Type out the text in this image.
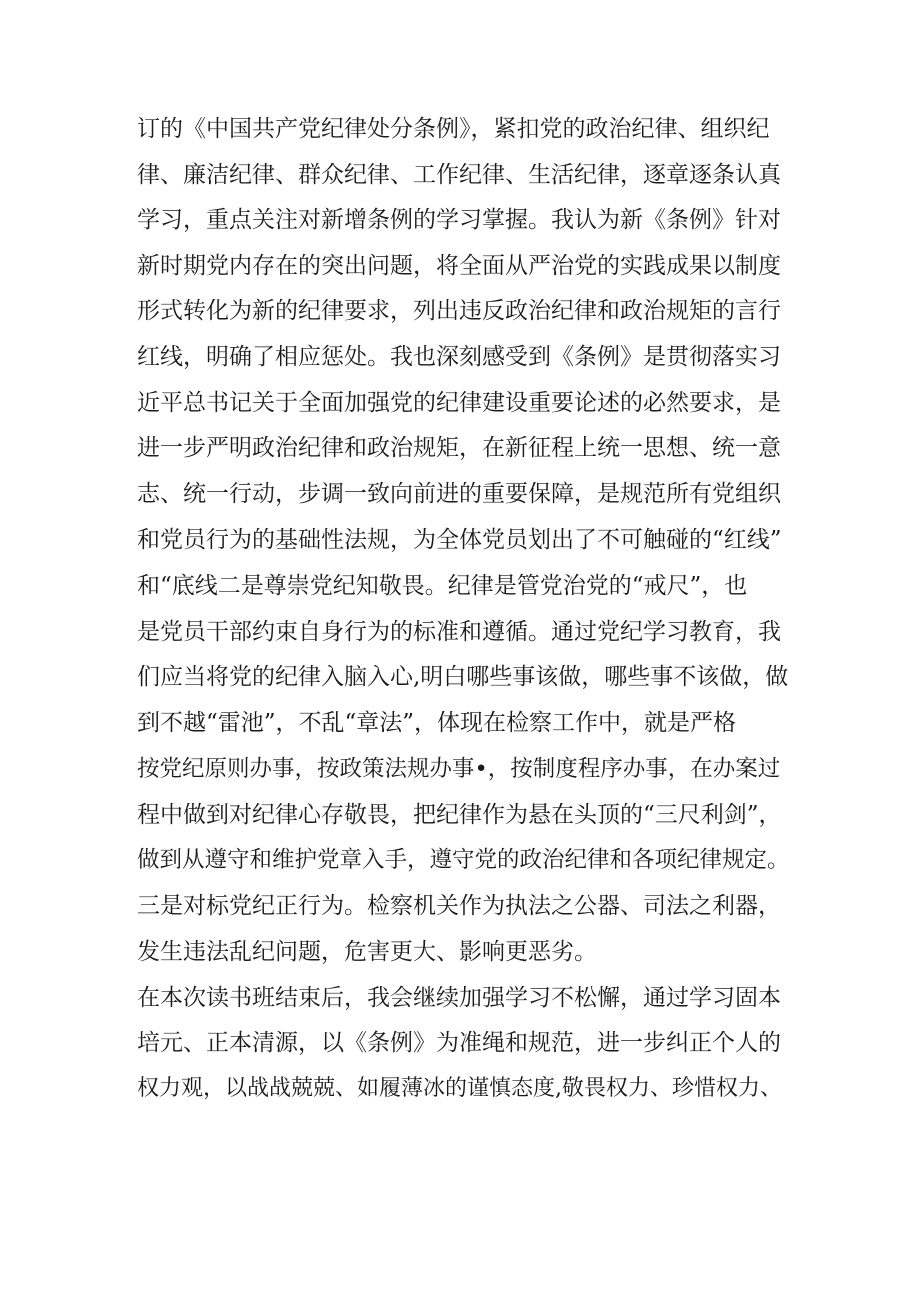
订的《中国共产党纪律处分条例》，紧扣党的政治纪律、组织纪
律、廉洁纪律、群众纪律、工作纪律、生活纪律，逐章逐条认真
学习，重点关注对新增条例的学习掌握。我认为新《条例》针对
新时期党内存在的突出问题，将全面从严治党的实践成果以制度
形式转化为新的纪律要求，列出违反政治纪律和政治规矩的言行
红线，明确了相应惩处。我也深刻感受到《条例》是贯彻落实习
近平总书记关于全面加强党的纪律建设重要论述的必然要求，是
进一步严明政治纪律和政治规矩，在新征程上统一思想、统一意
志、统一行动，步调一致向前进的重要保障，是规范所有党组织
和党员行为的基础性法规，为全体党员划出了不可触碰的“红线”
和“底线二是尊崇党纪知敬畏。纪律是管党治党的“戒尺”，也
是党员干部约束自身行为的标准和遵循。通过党纪学习教育，我
们应当将党的纪律入脑入心,明白哪些事该做，哪些事不该做，做
到不越“雷池”，不乱“章法”，体现在检察工作中，就是严格
按党纪原则办事，按政策法规办事•，按制度程序办事，在办案过
程中做到对纪律心存敬畏，把纪律作为悬在头顶的“三尺利剑”，
做到从遵守和维护党章入手，遵守党的政治纪律和各项纪律规定。
三是对标党纪正行为。检察机关作为执法之公器、司法之利器，
发生违法乱纪问题，危害更大、影响更恶劣。
在本次读书班结束后，我会继续加强学习不松懈，通过学习固本
培元、正本清源，以《条例》为准绳和规范，进一步纠正个人的
权力观，以战战兢兢、如履薄冰的谨慎态度,敬畏权力、珍惜权力、
